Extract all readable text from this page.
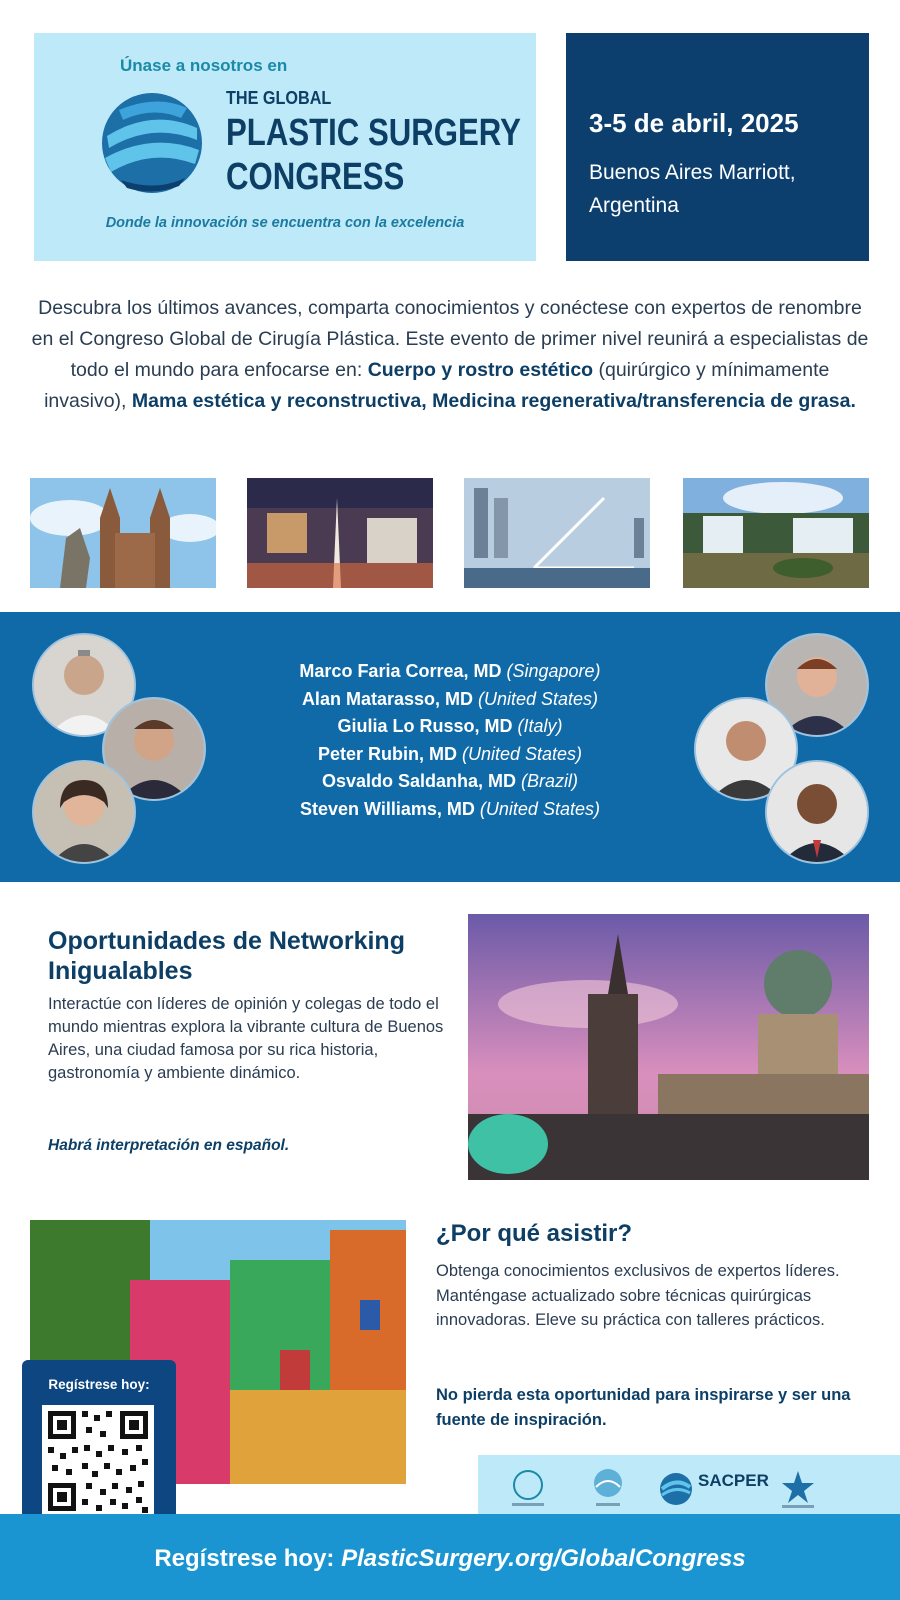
Únase a nosotros en
THE GLOBAL
PLASTIC SURGERY
CONGRESS
Donde la innovación se encuentra con la excelencia
3-5 de abril, 2025
Buenos Aires Marriott,
Argentina
Descubra los últimos avances, comparta conocimientos y conéctese con expertos de renombre en el Congreso Global de Cirugía Plástica. Este evento de primer nivel reunirá a especialistas de todo el mundo para enfocarse en: Cuerpo y rostro estético (quirúrgico y mínimamente invasivo), Mama estética y reconstructiva, Medicina regenerativa/transferencia de grasa.
Marco Faria Correa, MD (Singapore)
Alan Matarasso, MD (United States)
Giulia Lo Russo, MD (Italy)
Peter Rubin, MD (United States)
Osvaldo Saldanha, MD (Brazil)
Steven Williams, MD (United States)
Oportunidades de Networking Inigualables
Interactúe con líderes de opinión y colegas de todo el mundo mientras explora la vibrante cultura de Buenos Aires, una ciudad famosa por su rica historia, gastronomía y ambiente dinámico.
Habrá interpretación en español.
¿Por qué asistir?
Obtenga conocimientos exclusivos de expertos líderes. Manténgase actualizado sobre técnicas quirúrgicas innovadoras. Eleve su práctica con talleres prácticos.
No pierda esta oportunidad para inspirarse y ser una fuente de inspiración.
SACPER
Regístrese hoy:
Regístrese hoy: PlasticSurgery.org/GlobalCongress
